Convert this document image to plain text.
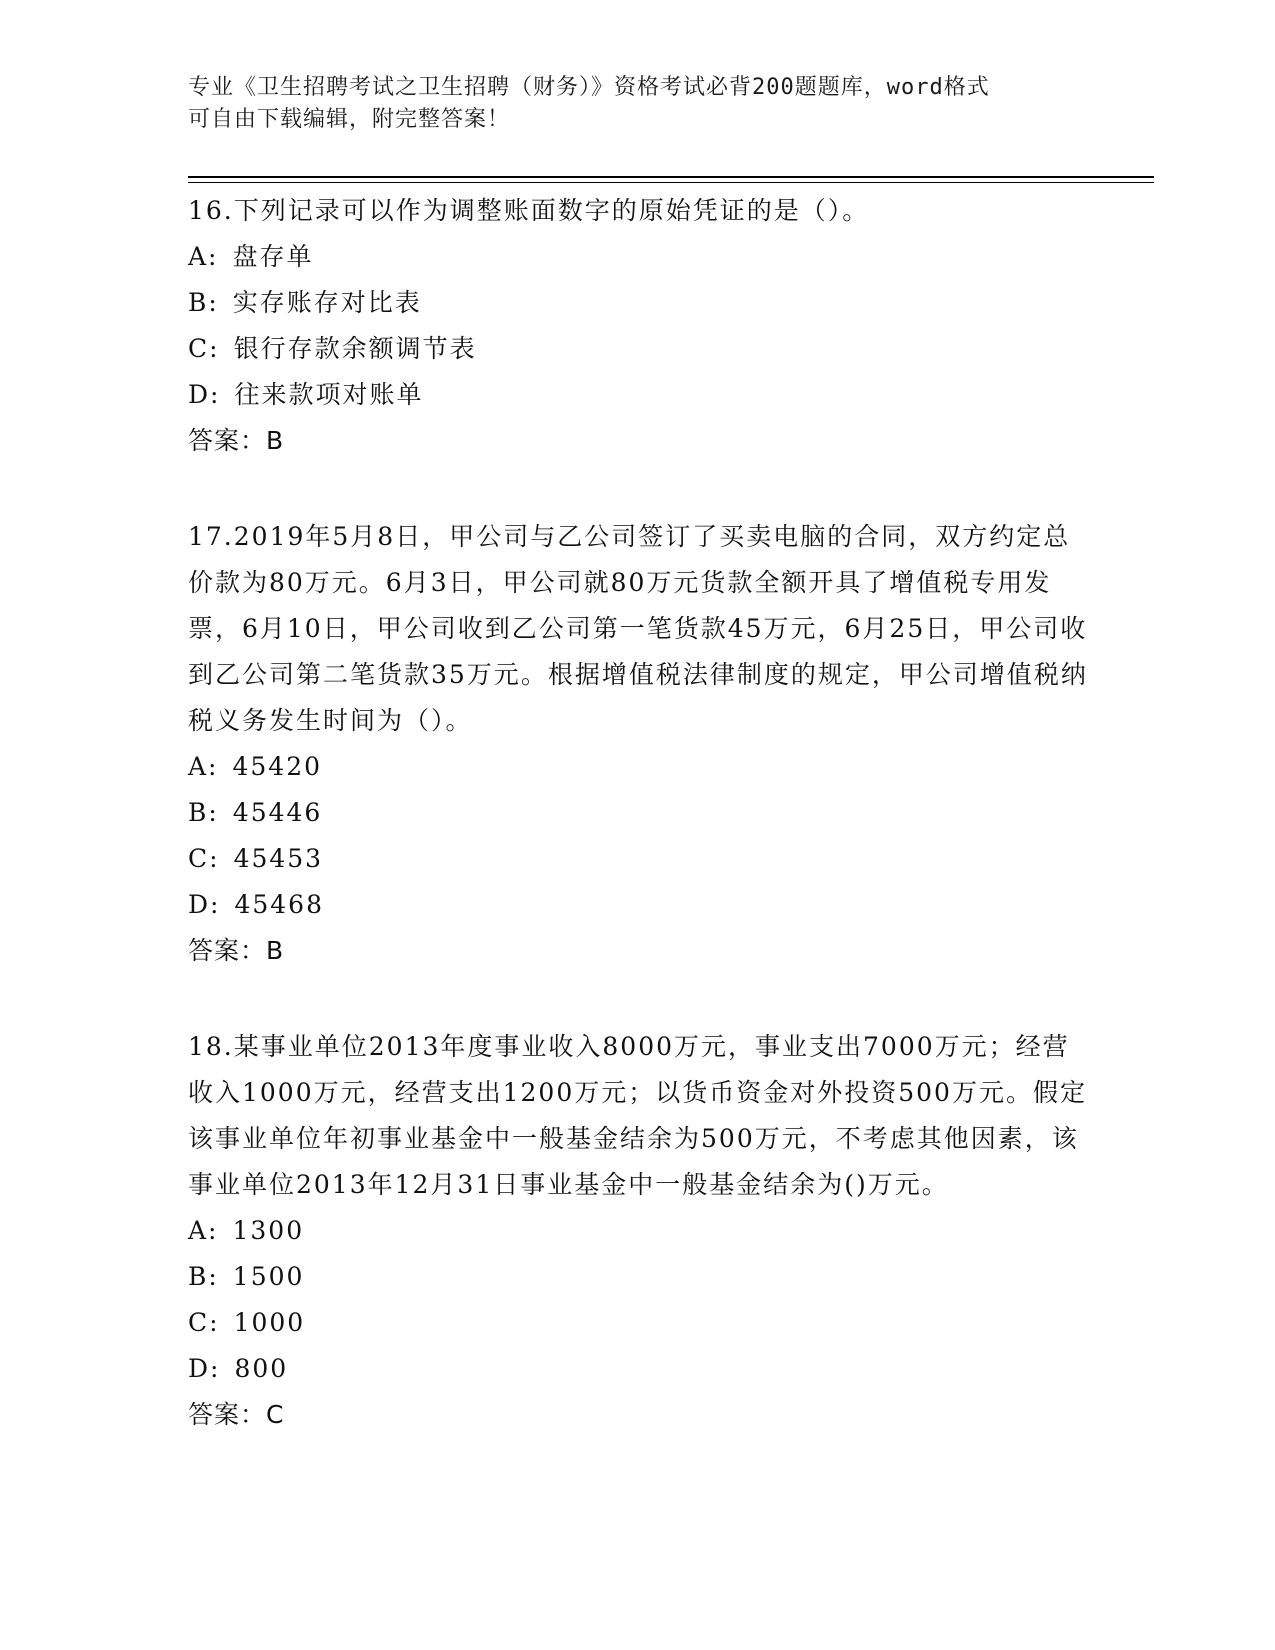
专业《卫生招聘考试之卫生招聘（财务）》资格考试必背200题题库，word格式
可自由下载编辑，附完整答案！

16.下列记录可以作为调整账面数字的原始凭证的是（）。

A: 盘存单
B: 实存账存对比表
C: 银行存款余额调节表
D: 往来款项对账单
答案：B

17.2019年5月8日，甲公司与乙公司签订了买卖电脑的合同，双方约定总价款为80万元。6月3日，甲公司就80万元货款全额开具了增值税专用发票，6月10日，甲公司收到乙公司第一笔货款45万元，6月25日，甲公司收到乙公司第二笔货款35万元。根据增值税法律制度的规定，甲公司增值税纳税义务发生时间为（）。

A: 45420
B: 45446
C: 45453
D: 45468
答案：B

18.某事业单位2013年度事业收入8000万元，事业支出7000万元；经营收入1000万元，经营支出1200万元；以货币资金对外投资500万元。假定该事业单位年初事业基金中一般基金结余为500万元，不考虑其他因素，该事业单位2013年12月31日事业基金中一般基金结余为()万元。

A: 1300
B: 1500
C: 1000
D: 800
答案：C
